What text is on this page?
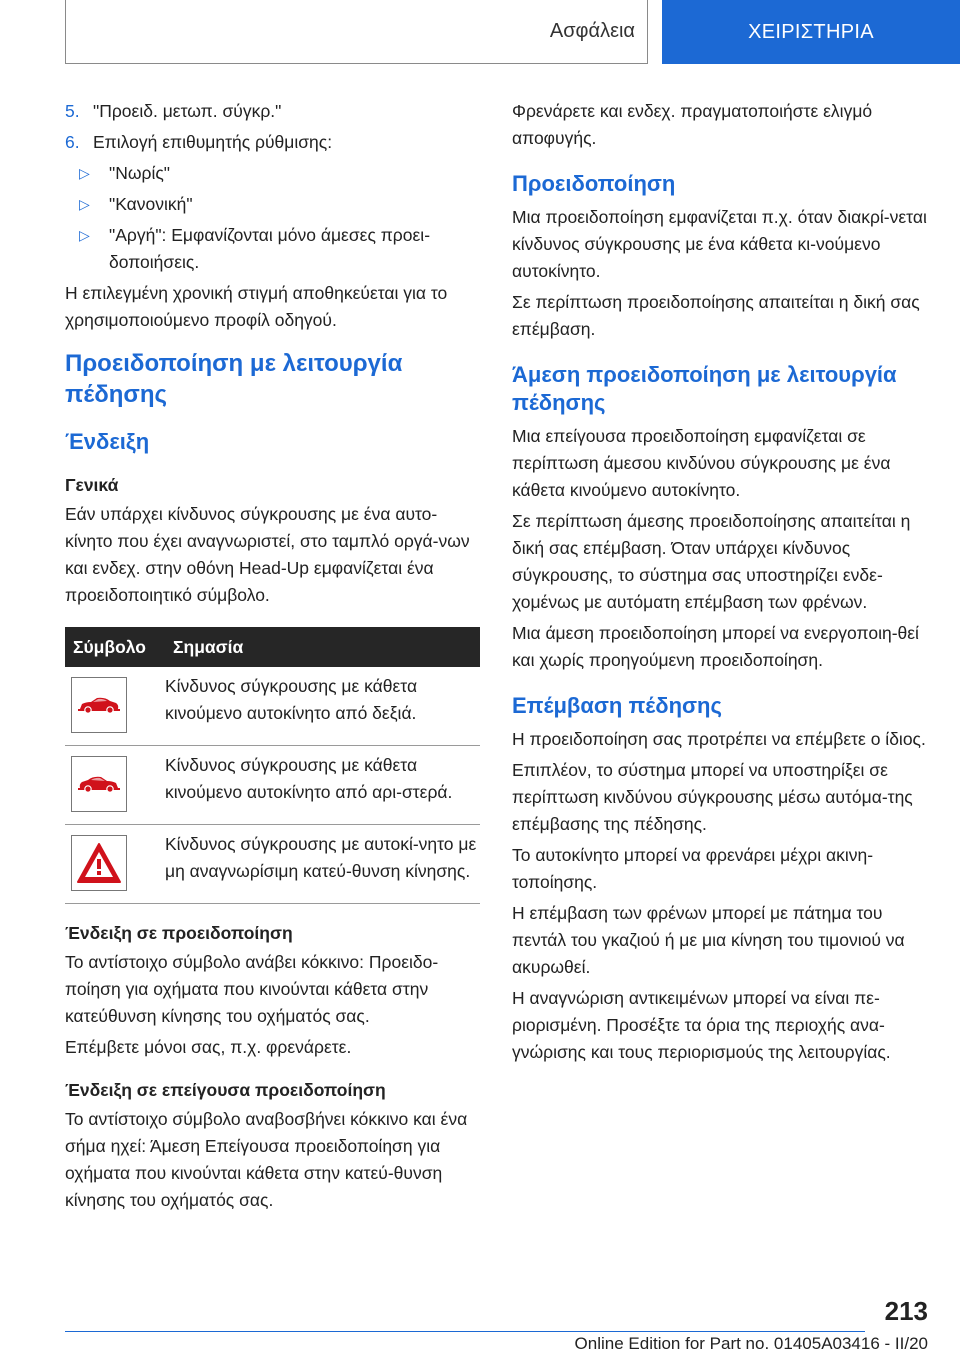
Ασφάλεια	ΧΕΙΡΙΣΤΗΡΙΑ
5. "Προειδ. μετωπ. σύγκρ."
6. Επιλογή επιθυμητής ρύθμισης:
▷	"Νωρίς"
▷	"Κανονική"
▷	"Αργή": Εμφανίζονται μόνο άμεσες προει-δοποιήσεις.

Η επιλεγμένη χρονική στιγμή αποθηκεύεται για το χρησιμοποιούμενο προφίλ οδηγού.

Προειδοποίηση με λειτουργία πέδησης
Ένδειξη
Γενικά

Εάν υπάρχει κίνδυνος σύγκρουσης με ένα αυτο-κίνητο που έχει αναγνωριστεί, στο ταμπλό οργά-νων και ενδεχ. στην οθόνη Head-Up εμφανίζεται ένα προειδοποιητικό σύμβολο.

Σύμβολο	Σημασία

	Κίνδυνος σύγκρουσης με κάθετα κινούμενο αυτοκίνητο από δεξιά.

	Κίνδυνος σύγκρουσης με κάθετα κινούμενο αυτοκίνητο από αρι-στερά.

	Κίνδυνος σύγκρουσης με αυτοκί-νητο με μη αναγνωρίσιμη κατεύ-θυνση κίνησης.
Ένδειξη σε προειδοποίηση

Το αντίστοιχο σύμβολο ανάβει κόκκινο: Προειδο-ποίηση για οχήματα που κινούνται κάθετα στην κατεύθυνση κίνησης του οχήματός σας.

Επέμβετε μόνοι σας, π.χ. φρενάρετε.

Ένδειξη σε επείγουσα προειδοποίηση

Το αντίστοιχο σύμβολο αναβοσβήνει κόκκινο και ένα σήμα ηχεί: Άμεση Επείγουσα προειδοποίηση για οχήματα που κινούνται κάθετα στην κατεύ-θυνση κίνησης του οχήματός σας.

Φρενάρετε και ενδεχ. πραγματοποιήστε ελιγμό αποφυγής.

Προειδοποίηση

Μια προειδοποίηση εμφανίζεται π.χ. όταν διακρί-νεται κίνδυνος σύγκρουσης με ένα κάθετα κι-νούμενο αυτοκίνητο.

Σε περίπτωση προειδοποίησης απαιτείται η δική σας επέμβαση.

Άμεση προειδοποίηση με λειτουργία πέδησης

Μια επείγουσα προειδοποίηση εμφανίζεται σε περίπτωση άμεσου κινδύνου σύγκρουσης με ένα κάθετα κινούμενο αυτοκίνητο.

Σε περίπτωση άμεσης προειδοποίησης απαιτείται η δική σας επέμβαση. Όταν υπάρχει κίνδυνος σύγκρουσης, το σύστημα σας υποστηρίζει ενδε-χομένως με αυτόματη επέμβαση των φρένων.

Μια άμεση προειδοποίηση μπορεί να ενεργοποιη-θεί και χωρίς προηγούμενη προειδοποίηση.

Επέμβαση πέδησης

Η προειδοποίηση σας προτρέπει να επέμβετε ο ίδιος.

Επιπλέον, το σύστημα μπορεί να υποστηρίξει σε περίπτωση κινδύνου σύγκρουσης μέσω αυτόμα-της επέμβασης της πέδησης.

Το αυτοκίνητο μπορεί να φρενάρει μέχρι ακινη-τοποίησης.

Η επέμβαση των φρένων μπορεί με πάτημα του πεντάλ του γκαζιού ή με μια κίνηση του τιμονιού να ακυρωθεί.

Η αναγνώριση αντικειμένων μπορεί να είναι πε-ριορισμένη. Προσέξτε τα όρια της περιοχής ανα-γνώρισης και τους περιορισμούς της λειτουργίας.

213
Online Edition for Part no. 01405A03416 - II/20
